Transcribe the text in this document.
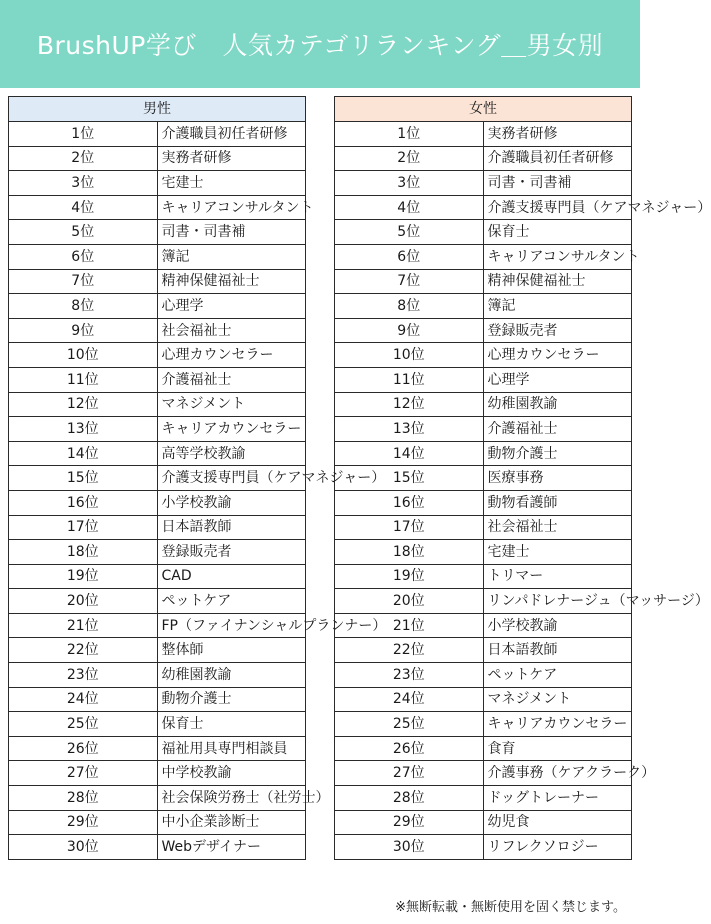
BrushUP学び　人気カテゴリランキング＿男女別
男性	
1位	介護職員初任者研修
2位	実務者研修
3位	宅建士
4位	キャリアコンサルタント
5位	司書・司書補
6位	簿記
7位	精神保健福祉士
8位	心理学
9位	社会福祉士
10位	心理カウンセラー
11位	介護福祉士
12位	マネジメント
13位	キャリアカウンセラー
14位	高等学校教諭
15位	介護支援専門員（ケアマネジャー）
16位	小学校教諭
17位	日本語教師
18位	登録販売者
19位	CAD
20位	ペットケア
21位	FP（ファイナンシャルプランナー）
22位	整体師
23位	幼稚園教諭
24位	動物介護士
25位	保育士
26位	福祉用具専門相談員
27位	中学校教諭
28位	社会保険労務士（社労士）
29位	中小企業診断士
30位	Webデザイナー
女性	
1位	実務者研修
2位	介護職員初任者研修
3位	司書・司書補
4位	介護支援専門員（ケアマネジャー）
5位	保育士
6位	キャリアコンサルタント
7位	精神保健福祉士
8位	簿記
9位	登録販売者
10位	心理カウンセラー
11位	心理学
12位	幼稚園教諭
13位	介護福祉士
14位	動物介護士
15位	医療事務
16位	動物看護師
17位	社会福祉士
18位	宅建士
19位	トリマー
20位	リンパドレナージュ（マッサージ）
21位	小学校教諭
22位	日本語教師
23位	ペットケア
24位	マネジメント
25位	キャリアカウンセラー
26位	食育
27位	介護事務（ケアクラーク）
28位	ドッグトレーナー
29位	幼児食
30位	リフレクソロジー
※無断転載・無断使用を固く禁じます。
